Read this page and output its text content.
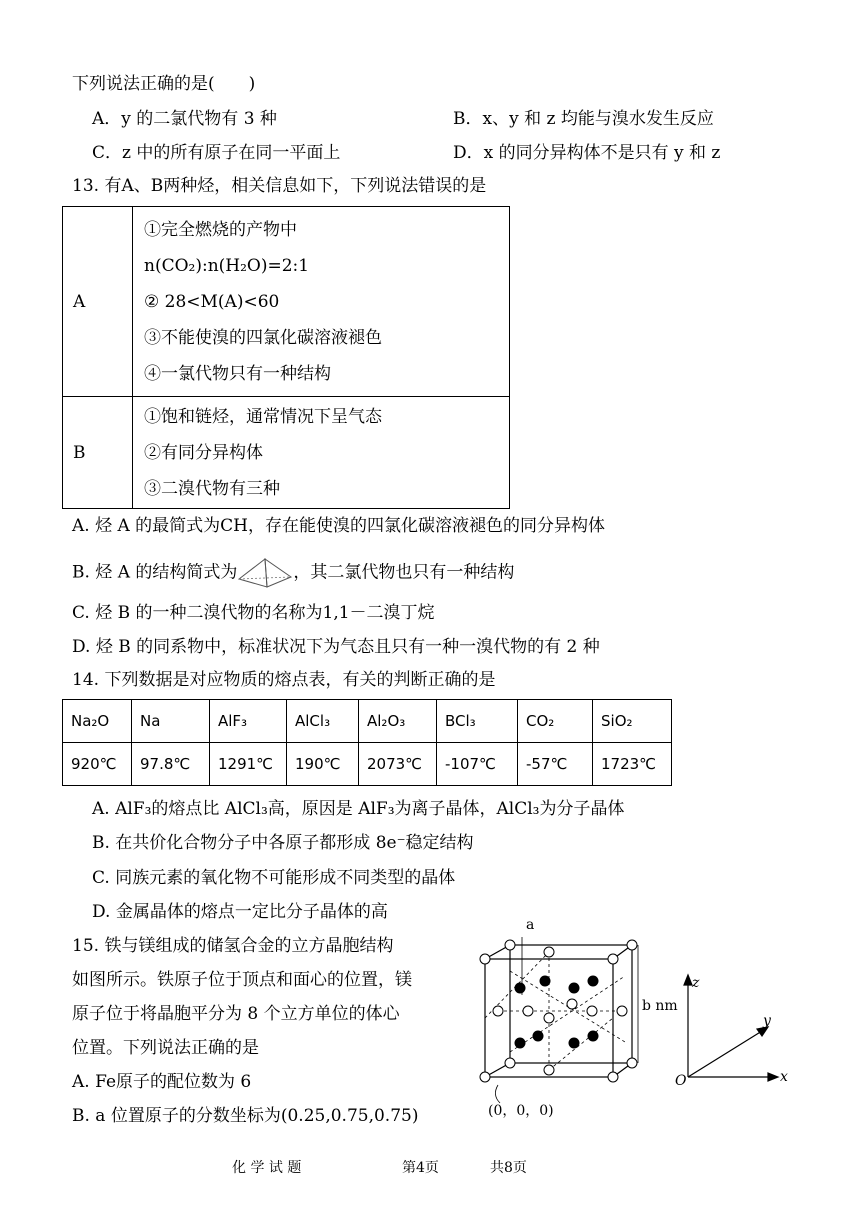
下列说法正确的是(　　)
A．y 的二氯代物有 3 种	B．x、y 和 z 均能与溴水发生反应
C．z 中的所有原子在同一平面上	D．x 的同分异构体不是只有 y 和 z
13. 有A、B两种烃，相关信息如下，下列说法错误的是
A	①完全燃烧的产物中
n(CO₂):n(H₂O)=2:1
② 28<M(A)<60
③不能使溴的四氯化碳溶液褪色
④一氯代物只有一种结构

B	①饱和链烃，通常情况下呈气态
②有同分异构体
③二溴代物有三种
A. 烃 A 的最简式为CH，存在能使溴的四氯化碳溶液褪色的同分异构体
B. 烃 A 的结构简式为	，其二氯代物也只有一种结构
C. 烃 B 的一种二溴代物的名称为1,1－二溴丁烷
D. 烃 B 的同系物中，标准状况下为气态且只有一种一溴代物的有 2 种
14. 下列数据是对应物质的熔点表，有关的判断正确的是
Na₂O	Na	AlF₃	AlCl₃	Al₂O₃	BCl₃	CO₂	SiO₂
920℃	97.8℃	1291℃	190℃	2073℃	-107℃	-57℃	1723℃
A. AlF₃的熔点比 AlCl₃高，原因是 AlF₃为离子晶体，AlCl₃为分子晶体
B. 在共价化合物分子中各原子都形成 8e⁻稳定结构
C. 同族元素的氧化物不可能形成不同类型的晶体
D. 金属晶体的熔点一定比分子晶体的高
15. 铁与镁组成的储氢合金的立方晶胞结构
如图所示。铁原子位于顶点和面心的位置，镁
原子位于将晶胞平分为 8 个立方单位的体心
位置。下列说法正确的是
A. Fe原子的配位数为 6
B. a 位置原子的分数坐标为(0.25,0.75,0.75)
a
b nm
(0，0，0)
z
y
x
O
化 学 试 题	第4页	共8页
